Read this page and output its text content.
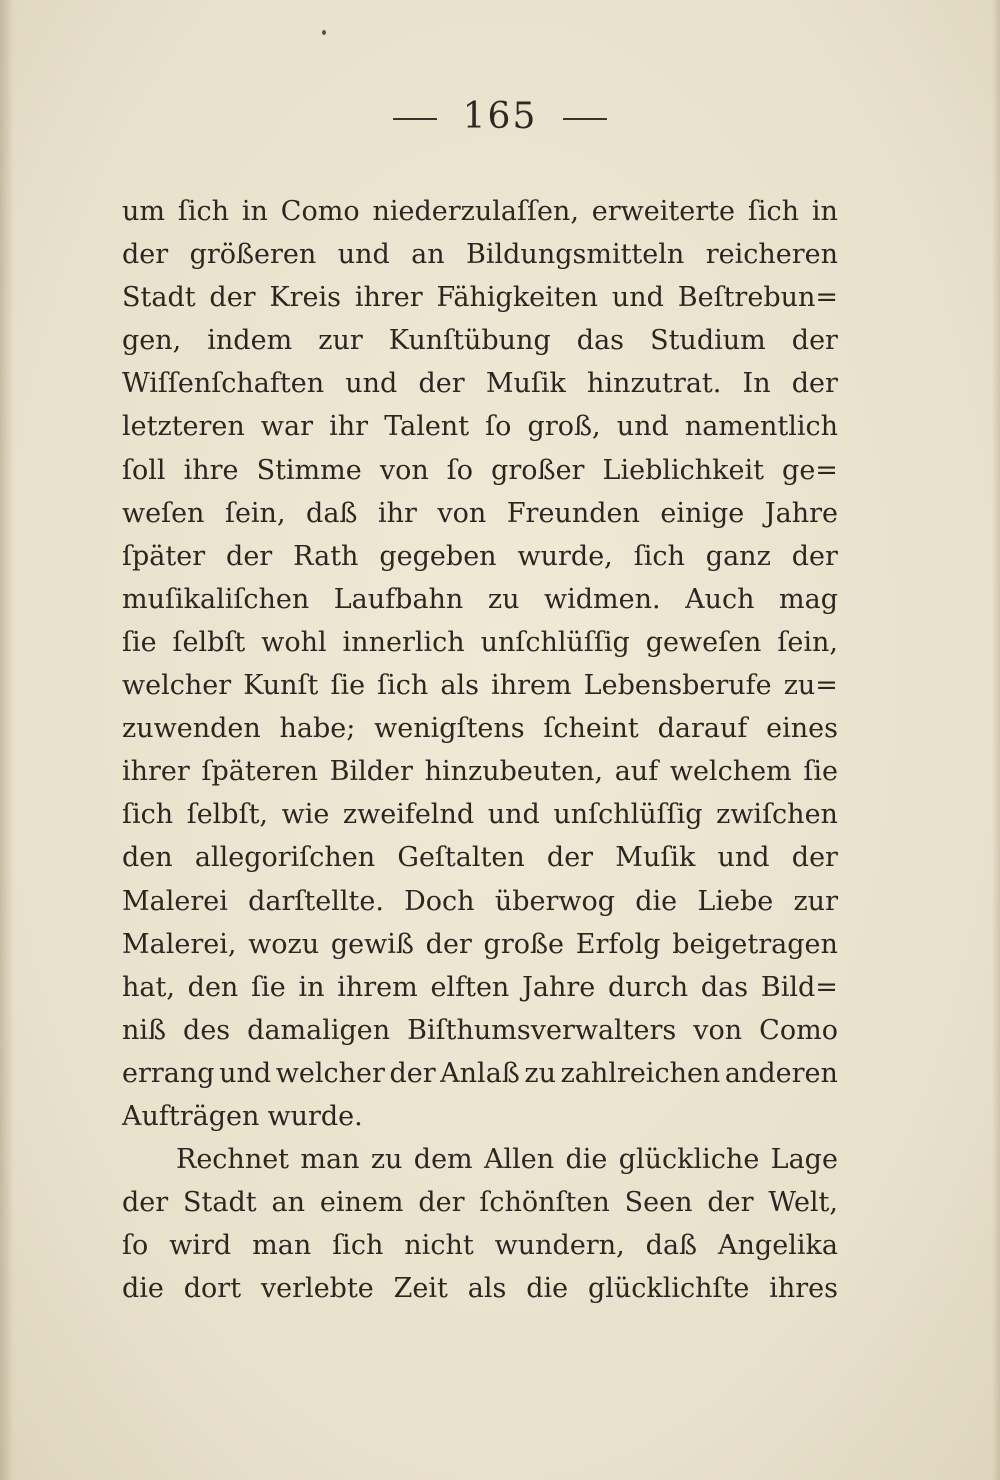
165
um ſich in Como niederzulaſſen, erweiterte ſich in
der größeren und an Bildungsmitteln reicheren
Stadt der Kreis ihrer Fähigkeiten und Beſtrebun=
gen, indem zur Kunſtübung das Studium der
Wiſſenſchaften und der Muſik hinzutrat. In der
letzteren war ihr Talent ſo groß, und namentlich
ſoll ihre Stimme von ſo großer Lieblichkeit ge=
weſen ſein, daß ihr von Freunden einige Jahre
ſpäter der Rath gegeben wurde, ſich ganz der
muſikaliſchen Laufbahn zu widmen. Auch mag
ſie ſelbſt wohl innerlich unſchlüſſig geweſen ſein,
welcher Kunſt ſie ſich als ihrem Lebensberufe zu=
zuwenden habe; wenigſtens ſcheint darauf eines
ihrer ſpäteren Bilder hinzubeuten, auf welchem ſie
ſich ſelbſt, wie zweifelnd und unſchlüſſig zwiſchen
den allegoriſchen Geſtalten der Muſik und der
Malerei darſtellte. Doch überwog die Liebe zur
Malerei, wozu gewiß der große Erfolg beigetragen
hat, den ſie in ihrem elften Jahre durch das Bild=
niß des damaligen Biſthumsverwalters von Como
errang und welcher der Anlaß zu zahlreichen anderen
Aufträgen wurde.
Rechnet man zu dem Allen die glückliche Lage
der Stadt an einem der ſchönſten Seen der Welt,
ſo wird man ſich nicht wundern, daß Angelika
die dort verlebte Zeit als die glücklichſte ihres
